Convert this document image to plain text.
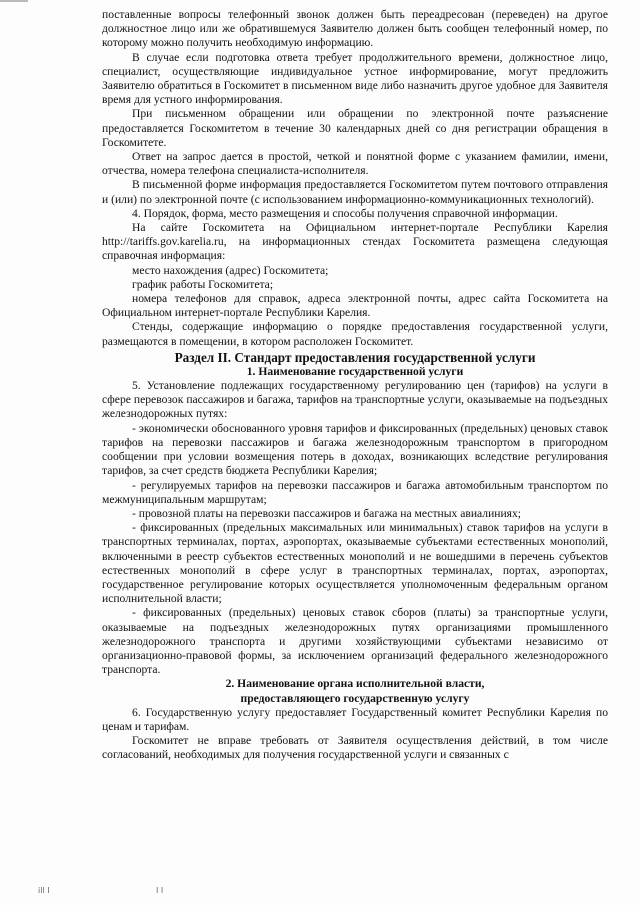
поставленные вопросы телефонный звонок должен быть переадресован (переведен) на другое должностное лицо или же обратившемуся Заявителю должен быть сообщен телефонный номер, по которому можно получить необходимую информацию.

В случае если подготовка ответа требует продолжительного времени, должностное лицо, специалист, осуществляющие индивидуальное устное информирование, могут предложить Заявителю обратиться в Госкомитет в письменном виде либо назначить другое удобное для Заявителя время для устного информирования.

При письменном обращении или обращении по электронной почте разъяснение предоставляется Госкомитетом в течение 30 календарных дней со дня регистрации обращения в Госкомитете.

Ответ на запрос дается в простой, четкой и понятной форме с указанием фамилии, имени, отчества, номера телефона специалиста-исполнителя.

В письменной форме информация предоставляется Госкомитетом путем почтового отправления и (или) по электронной почте (с использованием информационно-коммуникационных технологий).

4. Порядок, форма, место размещения и способы получения справочной информации.

На сайте Госкомитета на Официальном интернет-портале Республики Карелия http://tariffs.gov.karelia.ru, на информационных стендах Госкомитета размещена следующая справочная информация:

место нахождения (адрес) Госкомитета;

график работы Госкомитета;

номера телефонов для справок, адреса электронной почты, адрес сайта Госкомитета на Официальном интернет-портале Республики Карелия.

Стенды, содержащие информацию о порядке предоставления государственной услуги, размещаются в помещении, в котором расположен Госкомитет.

Раздел II. Стандарт предоставления государственной услуги

1. Наименование государственной услуги

5. Установление подлежащих государственному регулированию цен (тарифов) на услуги в сфере перевозок пассажиров и багажа, тарифов на транспортные услуги, оказываемые на подъездных железнодорожных путях:

- экономически обоснованного уровня тарифов и фиксированных (предельных) ценовых ставок тарифов на перевозки пассажиров и багажа железнодорожным транспортом в пригородном сообщении при условии возмещения потерь в доходах, возникающих вследствие регулирования тарифов, за счет средств бюджета Республики Карелия;

- регулируемых тарифов на перевозки пассажиров и багажа автомобильным транспортом по межмуниципальным маршрутам;

- провозной платы на перевозки пассажиров и багажа на местных авиалиниях;

- фиксированных (предельных максимальных или минимальных) ставок тарифов на услуги в транспортных терминалах, портах, аэропортах, оказываемые субъектами естественных монополий, включенными в реестр субъектов естественных монополий и не вошедшими в перечень субъектов естественных монополий в сфере услуг в транспортных терминалах, портах, аэропортах, государственное регулирование которых осуществляется уполномоченным федеральным органом исполнительной власти;

- фиксированных (предельных) ценовых ставок сборов (платы) за транспортные услуги, оказываемые на подъездных железнодорожных путях организациями промышленного железнодорожного транспорта и другими хозяйствующими субъектами независимо от организационно-правовой формы, за исключением организаций федерального железнодорожного транспорта.

2. Наименование органа исполнительной власти,

предоставляющего государственную услугу

6. Государственную услугу предоставляет Государственный комитет Республики Карелия по ценам и тарифам.

Госкомитет не вправе требовать от Заявителя осуществления действий, в том числе согласований, необходимых для получения государственной услуги и связанных с

ill I	I I
